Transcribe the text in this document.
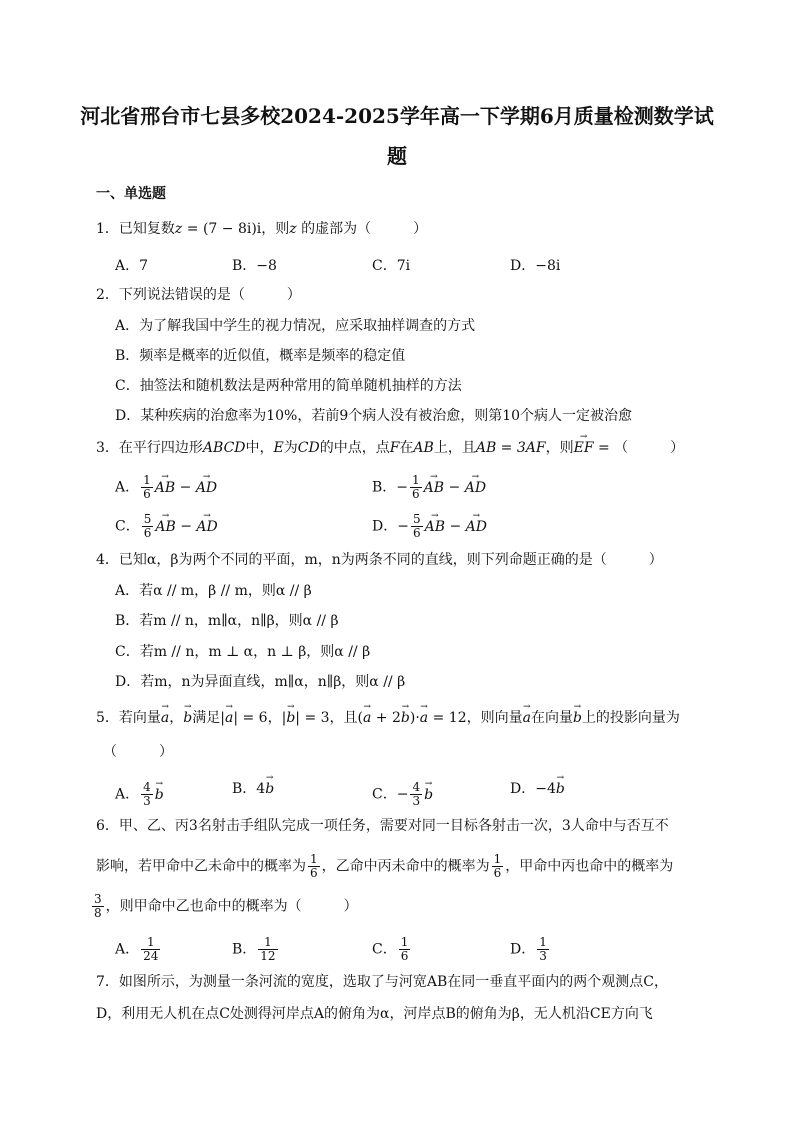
河北省邢台市七县多校2024-2025学年高一下学期6月质量检测数学试
题
一、单选题
1．已知复数z = (7 − 8i)i，则z 的虚部为（　　　）
A．7	B．−8	C．7i	D．−8i
2．下列说法错误的是（　　　）
A．为了解我国中学生的视力情况，应采取抽样调查的方式
B．频率是概率的近似值，概率是频率的稳定值
C．抽签法和随机数法是两种常用的简单随机抽样的方法
D．某种疾病的治愈率为10%，若前9个病人没有被治愈，则第10个病人一定被治愈
3．在平行四边形ABCD中，E为CD的中点，点F在AB上，且AB = 3AF，则→ EF = （　　　）
A． $\frac{1}{6}$
→ AB − → AD	B．− $\frac{1}{6}$
→ AB − → AD
C． $\frac{5}{6}$
→ AB − → AD	D．− $\frac{5}{6}$
→ AB − → AD
4．已知α，β为两个不同的平面，m，n为两条不同的直线，则下列命题正确的是（　　　）
A．若α // m，β // m，则α // β
B．若m // n，m∥α，n∥β，则α // β
C．若m // n，m ⊥ α，n ⊥ β，则α // β
D．若m，n为异面直线，m∥α，n∥β，则α // β
5．若向量→ a，→ b满足|→ a| = 6，|→ b| = 3，且(→ a + 2→ b)·→ a = 12，则向量→ a在向量→ b上的投影向量为
（　　　）
A． $\frac{4}{3}$
→ b	B．4→ b	C．− $\frac{4}{3}$
→ b	D．−4→ b
6．甲、乙、丙3名射击手组队完成一项任务，需要对同一目标各射击一次，3人命中与否互不
影响，若甲命中乙未命中的概率为 $\frac{1}{6}$ ，乙命中丙未命中的概率为 $\frac{1}{6}$ ，甲命中丙也命中的概率为
$\frac{3}{8}$ ，则甲命中乙也命中的概率为（　　　）
A． $\frac{1}{24}$	B． $\frac{1}{12}$	C． $\frac{1}{6}$	D． $\frac{1}{3}$
7．如图所示，为测量一条河流的宽度，选取了与河宽AB在同一垂直平面内的两个观测点C，
D，利用无人机在点C处测得河岸点A的俯角为α，河岸点B的俯角为β，无人机沿CE方向飞
